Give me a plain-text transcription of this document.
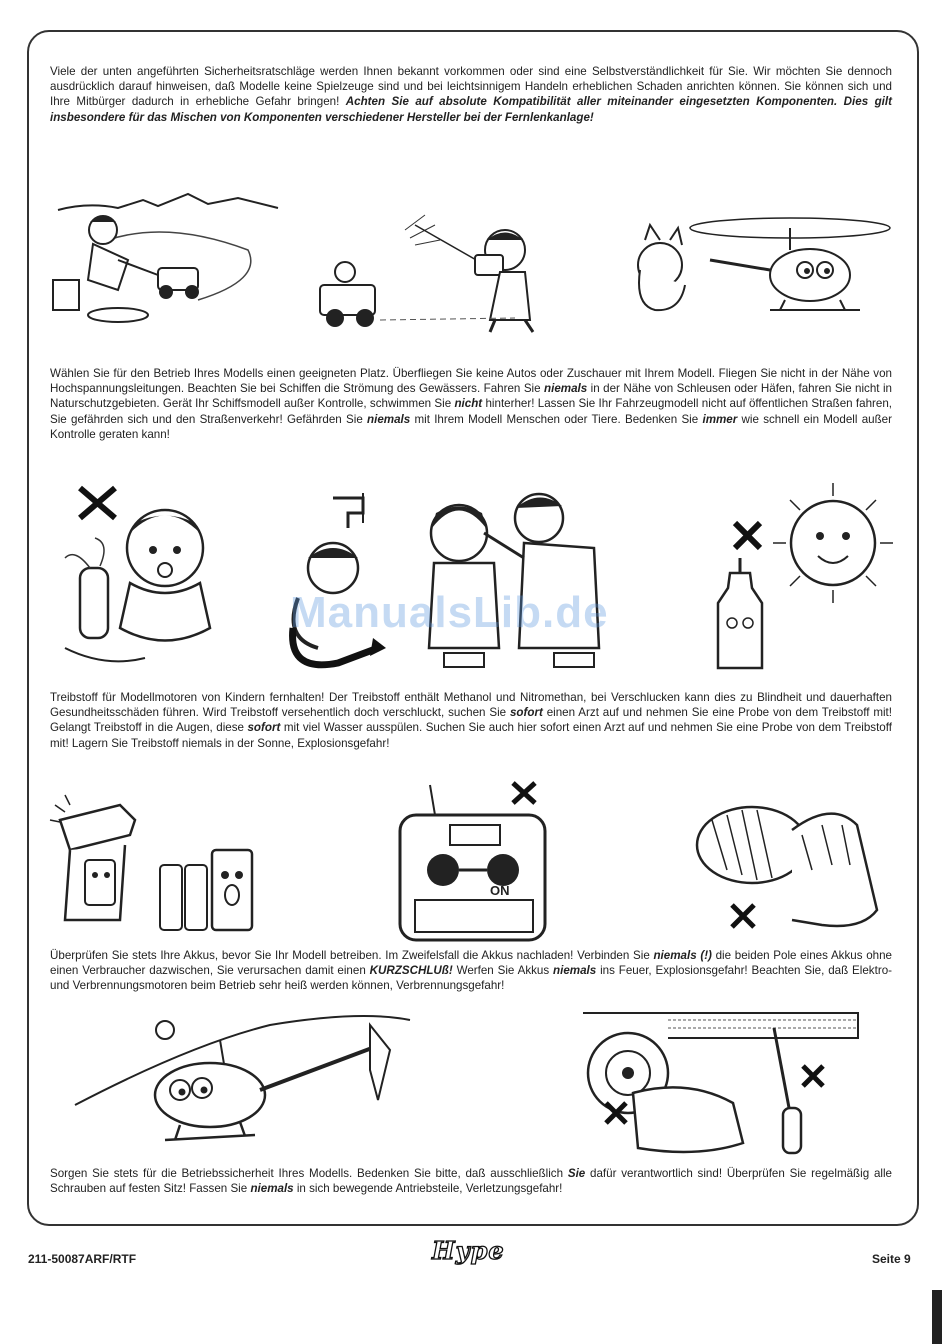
Viele der unten angeführten Sicherheitsratschläge werden Ihnen bekannt vorkommen oder sind eine Selbstverständlichkeit für Sie. Wir möchten Sie dennoch ausdrücklich darauf hinweisen, daß Modelle keine Spielzeuge sind und bei leichtsinnigem Handeln erheblichen Schaden anrichten können. Sie können sich und Ihre Mitbürger dadurch in erhebliche Gefahr bringen! Achten Sie auf absolute Kompatibilität aller miteinander eingesetzten Komponenten. Dies gilt insbesondere für das Mischen von Komponenten verschiedener Hersteller bei der Fernlenkanlage!

Wählen Sie für den Betrieb Ihres Modells einen geeigneten Platz. Überfliegen Sie keine Autos oder Zuschauer mit Ihrem Modell. Fliegen Sie nicht in der Nähe von Hochspannungsleitungen. Beachten Sie bei Schiffen die Strömung des Gewässers. Fahren Sie niemals in der Nähe von Schleusen oder Häfen, fahren Sie nicht in Naturschutzgebieten. Gerät Ihr Schiffsmodell außer Kontrolle, schwimmen Sie nicht hinterher! Lassen Sie Ihr Fahrzeugmodell nicht auf öffentlichen Straßen fahren, Sie gefährden sich und den Straßenverkehr! Gefährden Sie niemals mit Ihrem Modell Menschen oder Tiere. Bedenken Sie immer wie schnell ein Modell außer Kontrolle geraten kann!

Treibstoff für Modellmotoren von Kindern fernhalten! Der Treibstoff enthält Methanol und Nitromethan, bei Verschlucken kann dies zu Blindheit und dauerhaften Gesundheitsschäden führen. Wird Treibstoff versehentlich doch verschluckt, suchen Sie sofort einen Arzt auf und nehmen Sie eine Probe von dem Treibstoff mit! Gelangt Treibstoff in die Augen, diese sofort mit viel Wasser ausspülen. Suchen Sie auch hier sofort einen Arzt auf und nehmen Sie eine Probe von dem Treibstoff mit! Lagern Sie Treibstoff niemals in der Sonne, Explosionsgefahr!

ManualsLib.de
ON

Überprüfen Sie stets Ihre Akkus, bevor Sie Ihr Modell betreiben. Im Zweifelsfall die Akkus nachladen! Verbinden Sie niemals (!) die beiden Pole eines Akkus ohne einen Verbraucher dazwischen, Sie verursachen damit einen KURZSCHLUß! Werfen Sie Akkus niemals ins Feuer, Explosionsgefahr! Beachten Sie, daß Elektro- und Verbrennungsmotoren beim Betrieb sehr heiß werden können, Verbrennungsgefahr!

Sorgen Sie stets für die Betriebssicherheit Ihres Modells. Bedenken Sie bitte, daß ausschließlich Sie dafür verantwortlich sind! Überprüfen Sie regelmäßig alle Schrauben auf festen Sitz! Fassen Sie niemals in sich bewegende Antriebsteile, Verletzungsgefahr!

211-50087ARF/RTF	Hype	Seite 9
